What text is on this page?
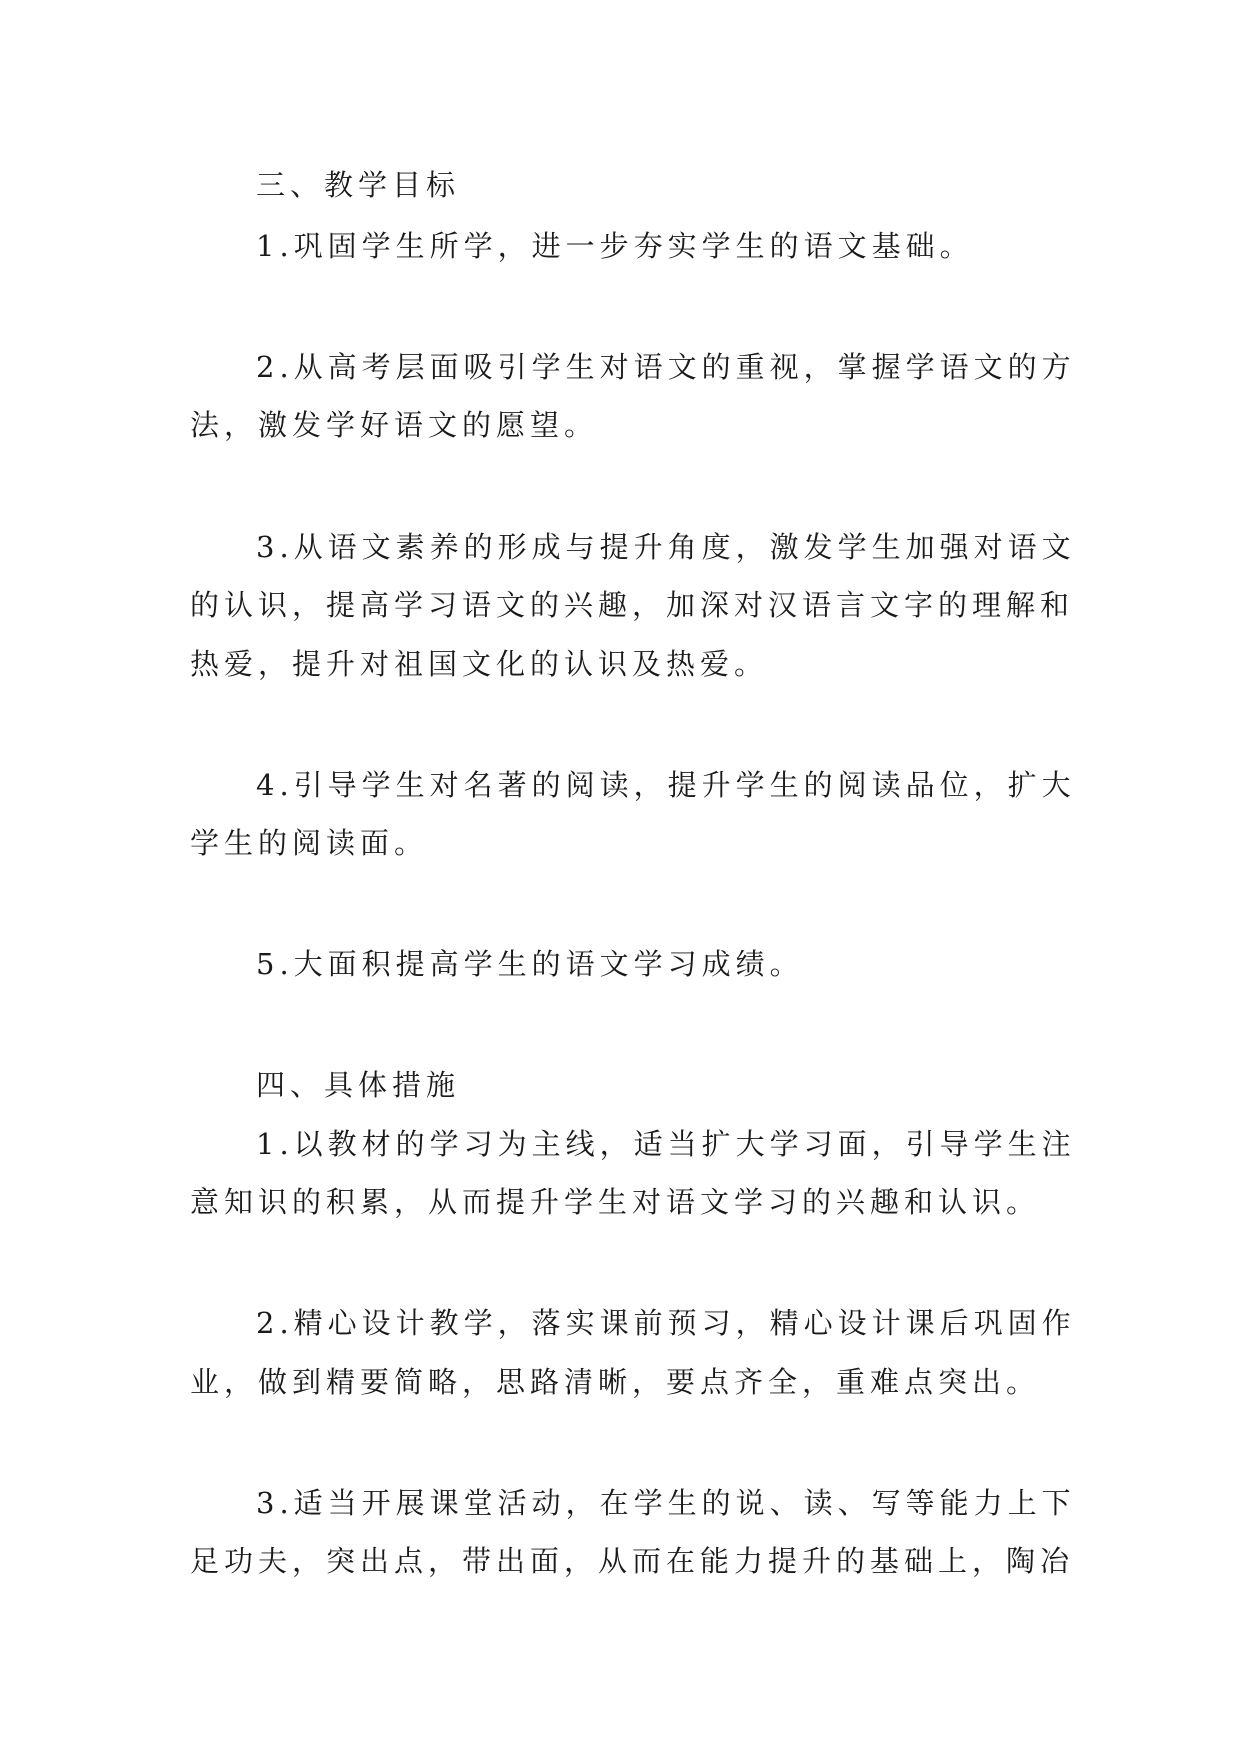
三、教学目标
1.巩固学生所学，进一步夯实学生的语文基础。
2.从高考层面吸引学生对语文的重视，掌握学语文的方
法，激发学好语文的愿望。
3.从语文素养的形成与提升角度，激发学生加强对语文
的认识，提高学习语文的兴趣，加深对汉语言文字的理解和
热爱，提升对祖国文化的认识及热爱。
4.引导学生对名著的阅读，提升学生的阅读品位，扩大
学生的阅读面。
5.大面积提高学生的语文学习成绩。
四、具体措施
1.以教材的学习为主线，适当扩大学习面，引导学生注
意知识的积累，从而提升学生对语文学习的兴趣和认识。
2.精心设计教学，落实课前预习，精心设计课后巩固作
业，做到精要简略，思路清晰，要点齐全，重难点突出。
3.适当开展课堂活动，在学生的说、读、写等能力上下
足功夫，突出点，带出面，从而在能力提升的基础上，陶冶
